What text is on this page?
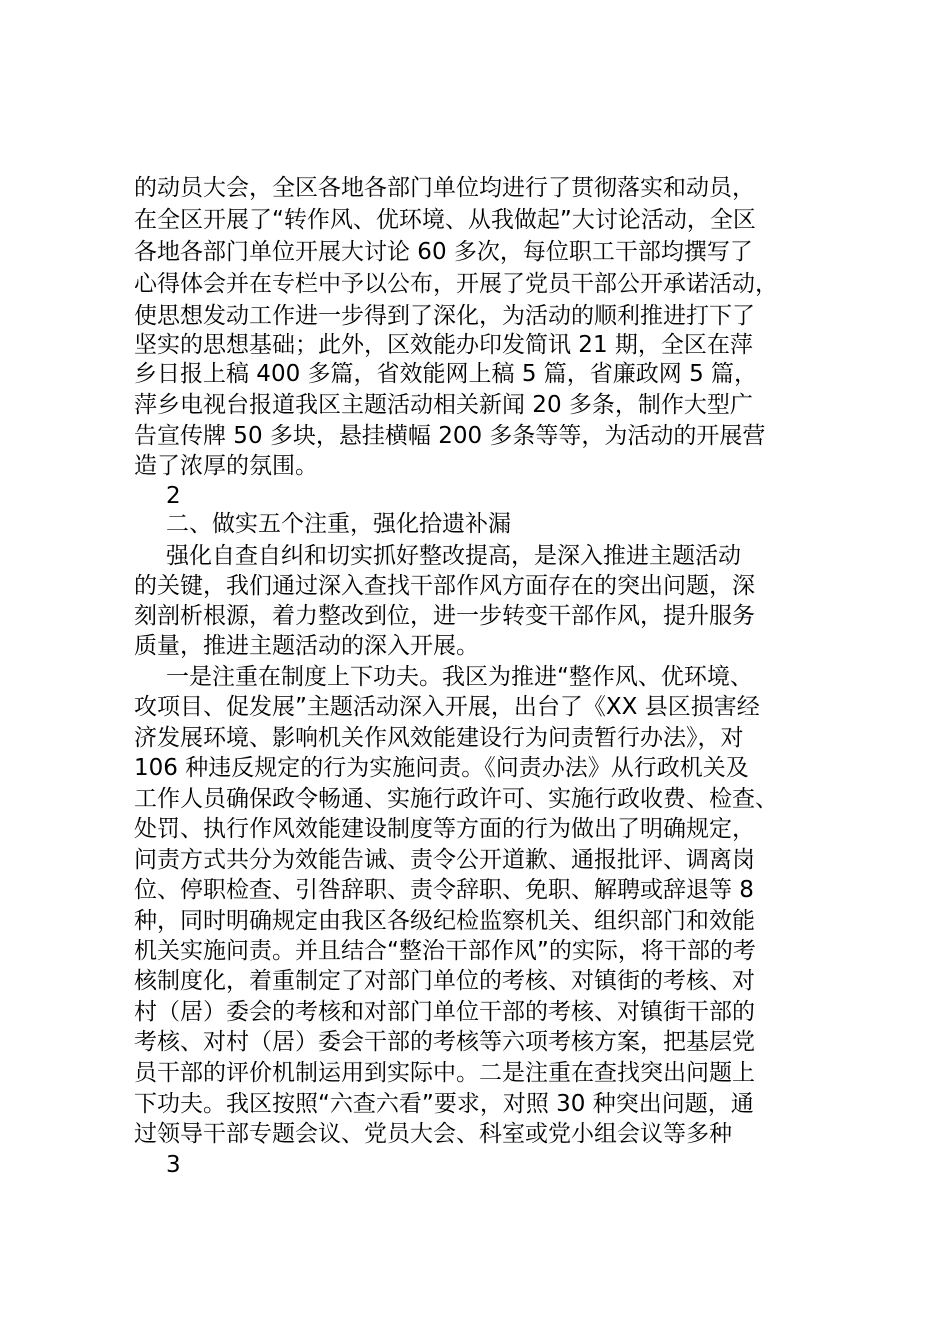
的动员大会，全区各地各部门单位均进行了贯彻落实和动员，
在全区开展了“转作风、优环境、从我做起”大讨论活动，全区
各地各部门单位开展大讨论 60 多次，每位职工干部均撰写了
心得体会并在专栏中予以公布，开展了党员干部公开承诺活动，
使思想发动工作进一步得到了深化，为活动的顺利推进打下了
坚实的思想基础；此外，区效能办印发简讯 21 期，全区在萍
乡日报上稿 400 多篇，省效能网上稿 5 篇，省廉政网 5 篇，
萍乡电视台报道我区主题活动相关新闻 20 多条，制作大型广
告宣传牌 50 多块，悬挂横幅 200 多条等等，为活动的开展营
造了浓厚的氛围。
2
二、做实五个注重，强化拾遗补漏
强化自查自纠和切实抓好整改提高，是深入推进主题活动
的关键，我们通过深入查找干部作风方面存在的突出问题，深
刻剖析根源，着力整改到位，进一步转变干部作风，提升服务
质量，推进主题活动的深入开展。
一是注重在制度上下功夫。我区为推进“整作风、优环境、
攻项目、促发展”主题活动深入开展，出台了《XX 县区损害经
济发展环境、影响机关作风效能建设行为问责暂行办法》，对
106 种违反规定的行为实施问责。《问责办法》从行政机关及
工作人员确保政令畅通、实施行政许可、实施行政收费、检查、
处罚、执行作风效能建设制度等方面的行为做出了明确规定，
问责方式共分为效能告诫、责令公开道歉、通报批评、调离岗
位、停职检查、引咎辞职、责令辞职、免职、解聘或辞退等 8
种，同时明确规定由我区各级纪检监察机关、组织部门和效能
机关实施问责。并且结合“整治干部作风”的实际，将干部的考
核制度化，着重制定了对部门单位的考核、对镇街的考核、对
村（居）委会的考核和对部门单位干部的考核、对镇街干部的
考核、对村（居）委会干部的考核等六项考核方案，把基层党
员干部的评价机制运用到实际中。二是注重在查找突出问题上
下功夫。我区按照“六查六看”要求，对照 30 种突出问题，通
过领导干部专题会议、党员大会、科室或党小组会议等多种
3
